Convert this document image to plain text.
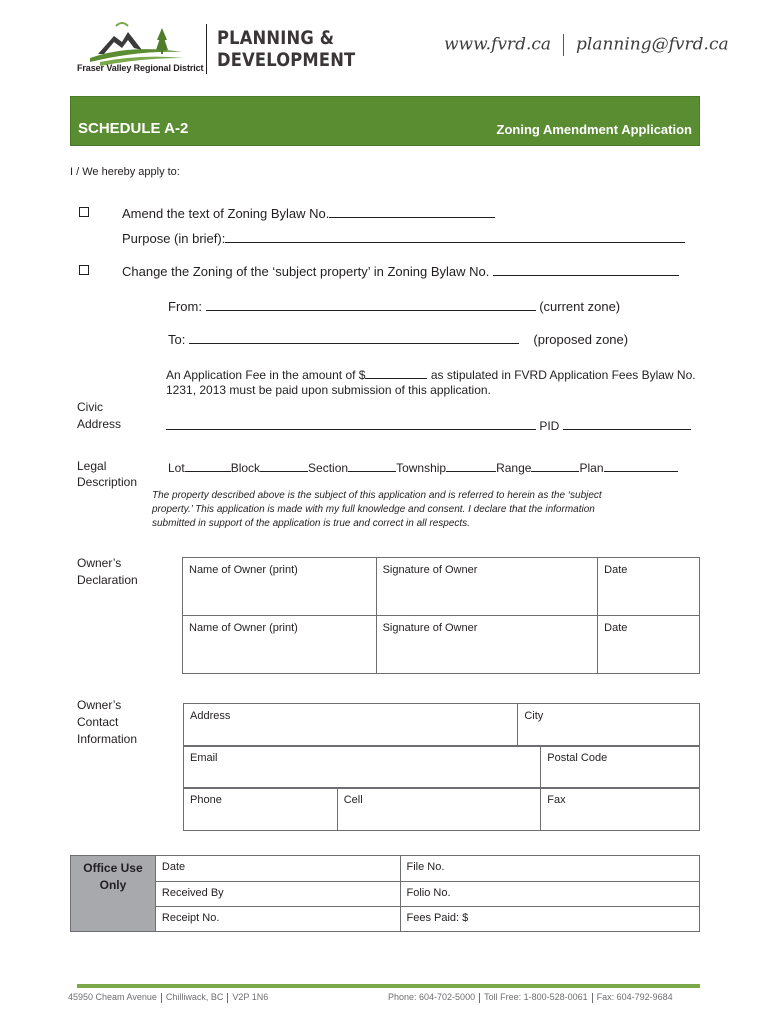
Fraser Valley Regional District
PLANNING &
DEVELOPMENT
www.fvrd.ca planning@fvrd.ca
SCHEDULE A-2	Zoning Amendment Application
I / We hereby apply to:
Amend the text of Zoning Bylaw No.
Purpose (in brief):
Change the Zoning of the ‘subject property’ in Zoning Bylaw No.
From:	(current zone)
To:	(proposed zone)
An Application Fee in the amount of $	as stipulated in FVRD Application Fees Bylaw No.
1231, 2013 must be paid upon submission of this application.
Civic
Address	PID
Legal
Description
Lot	Block	Section	Township	Range	Plan
The property described above is the subject of this application and is referred to herein as the ‘subject
property.’ This application is made with my full knowledge and consent. I declare that the information
submitted in support of the application is true and correct in all respects.
Owner’s
Declaration
Name of Owner (print)	Signature of Owner	Date
Name of Owner (print)	Signature of Owner	Date
Owner’s
Contact
Information
Address	City
Email	Postal Code
Phone	Cell	Fax
Office Use
Only	Date	File No.
	Received By	Folio No.
	Receipt No.	Fees Paid: $
45950 Cheam Avenue Chilliwack, BC V2P 1N6	Phone: 604-702-5000 Toll Free: 1-800-528-0061 Fax: 604-792-9684
